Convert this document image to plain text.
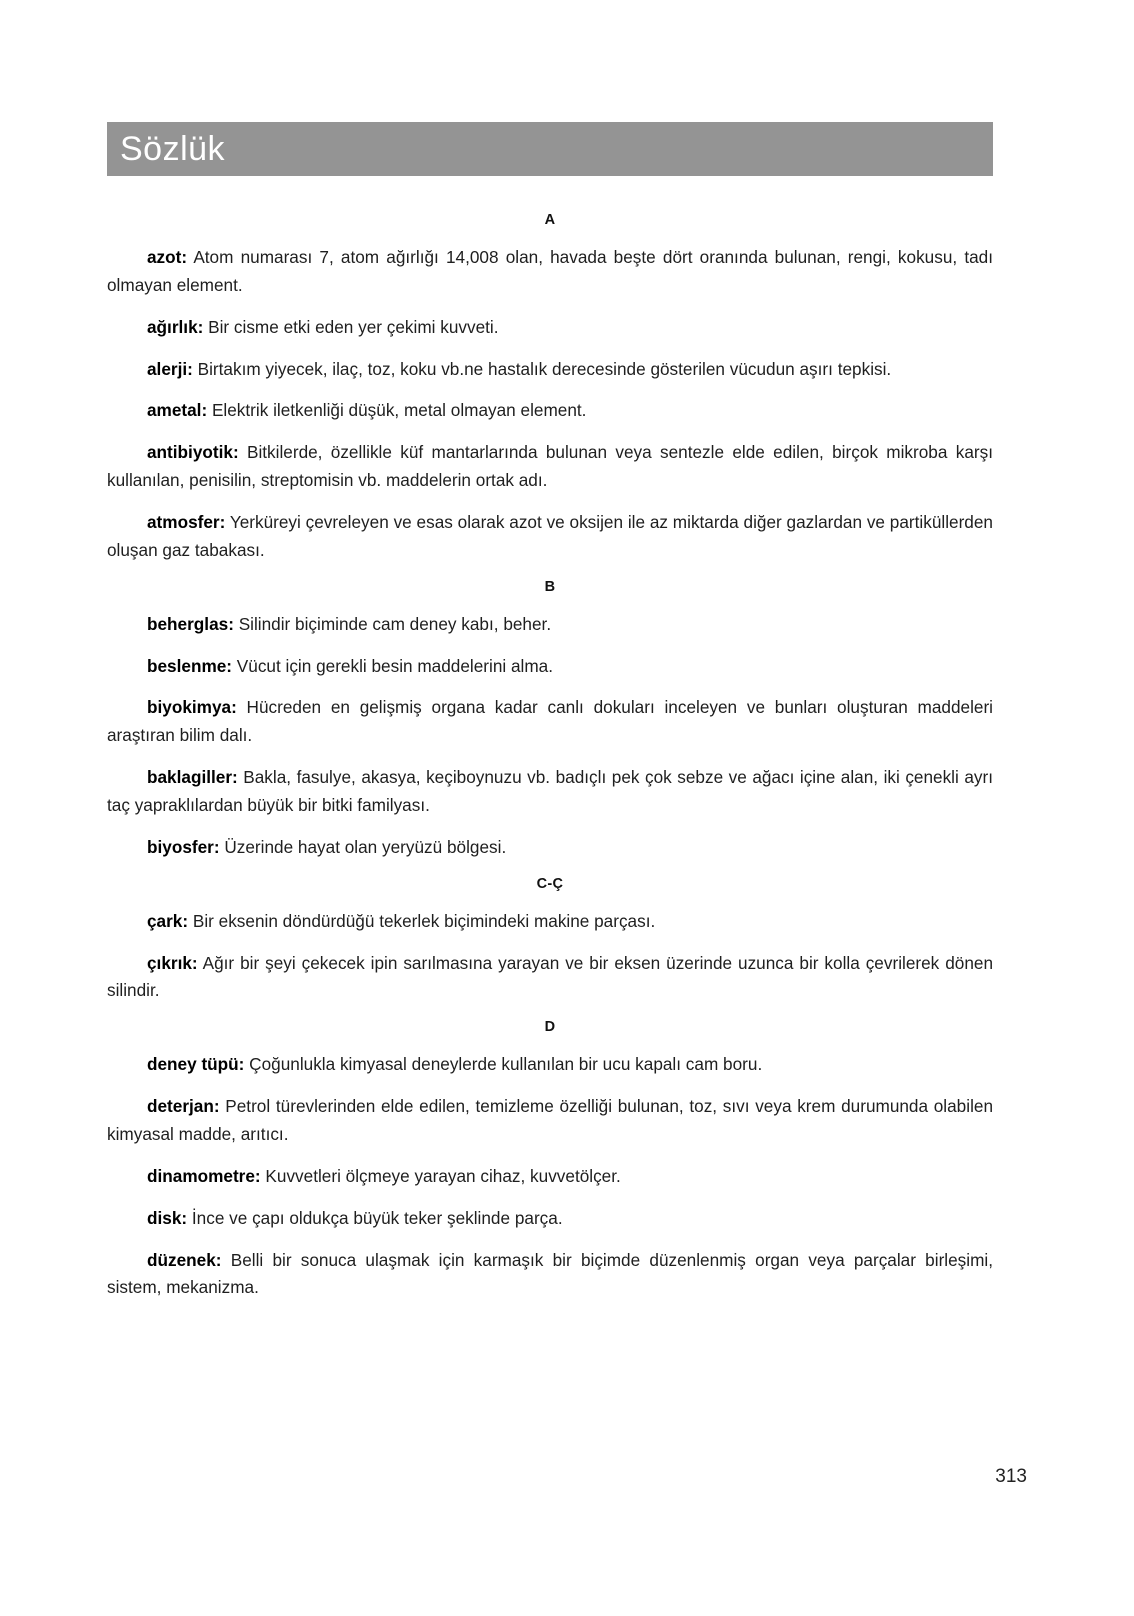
Sözlük
A

azot: Atom numarası 7, atom ağırlığı 14,008 olan, havada beşte dört oranında bulunan, rengi, kokusu, tadı olmayan element.

ağırlık: Bir cisme etki eden yer çekimi kuvveti.

alerji: Birtakım yiyecek, ilaç, toz, koku vb.ne hastalık derecesinde gösterilen vücudun aşırı tepkisi.

ametal: Elektrik iletkenliği düşük, metal olmayan element.

antibiyotik: Bitkilerde, özellikle küf mantarlarında bulunan veya sentezle elde edilen, birçok mikroba karşı kullanılan, penisilin, streptomisin vb. maddelerin ortak adı.

atmosfer: Yerküreyi çevreleyen ve esas olarak azot ve oksijen ile az miktarda diğer gazlardan ve partiküllerden oluşan gaz tabakası.

B

beherglas: Silindir biçiminde cam deney kabı, beher.

beslenme: Vücut için gerekli besin maddelerini alma.

biyokimya: Hücreden en gelişmiş organa kadar canlı dokuları inceleyen ve bunları oluşturan maddeleri araştıran bilim dalı.

baklagiller: Bakla, fasulye, akasya, keçiboynuzu vb. badıçlı pek çok sebze ve ağacı içine alan, iki çenekli ayrı taç yapraklılardan büyük bir bitki familyası.

biyosfer: Üzerinde hayat olan yeryüzü bölgesi.

C-Ç

çark: Bir eksenin döndürdüğü tekerlek biçimindeki makine parçası.

çıkrık: Ağır bir şeyi çekecek ipin sarılmasına yarayan ve bir eksen üzerinde uzunca bir kolla çevrilerek dönen silindir.

D

deney tüpü: Çoğunlukla kimyasal deneylerde kullanılan bir ucu kapalı cam boru.

deterjan: Petrol türevlerinden elde edilen, temizleme özelliği bulunan, toz, sıvı veya krem durumunda olabilen kimyasal madde, arıtıcı.

dinamometre: Kuvvetleri ölçmeye yarayan cihaz, kuvvetölçer.

disk: İnce ve çapı oldukça büyük teker şeklinde parça.

düzenek: Belli bir sonuca ulaşmak için karmaşık bir biçimde düzenlenmiş organ veya parçalar birleşimi, sistem, mekanizma.

313
